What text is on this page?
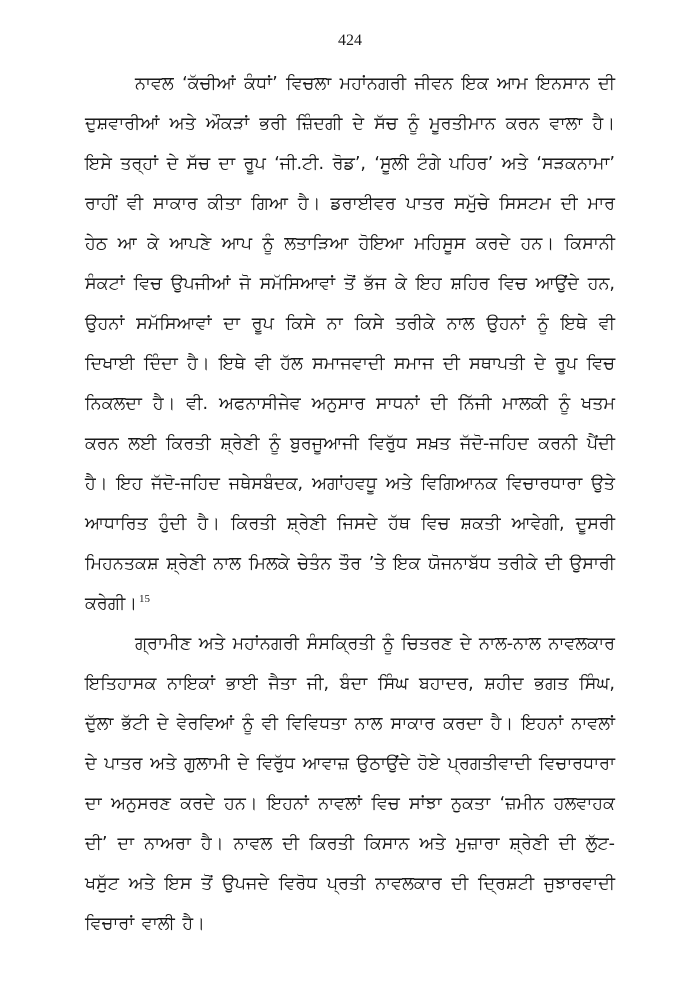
424

ਨਾਵਲ ‘ਕੱਚੀਆਂ ਕੰਧਾਂ’ ਵਿਚਲਾ ਮਹਾਂਨਗਰੀ ਜੀਵਨ ਇਕ ਆਮ ਇਨਸਾਨ ਦੀ ਦੁਸ਼ਵਾਰੀਆਂ ਅਤੇ ਔਕੜਾਂ ਭਰੀ ਜ਼ਿੰਦਗੀ ਦੇ ਸੱਚ ਨੂੰ ਮੂਰਤੀਮਾਨ ਕਰਨ ਵਾਲਾ ਹੈ। ਇਸੇ ਤਰ੍ਹਾਂ ਦੇ ਸੱਚ ਦਾ ਰੂਪ ‘ਜੀ.ਟੀ. ਰੋਡ’, ‘ਸੂਲੀ ਟੰਗੇ ਪਹਿਰ’ ਅਤੇ ‘ਸੜਕਨਾਮਾ’ ਰਾਹੀਂ ਵੀ ਸਾਕਾਰ ਕੀਤਾ ਗਿਆ ਹੈ। ਡਰਾਈਵਰ ਪਾਤਰ ਸਮੁੱਚੇ ਸਿਸਟਮ ਦੀ ਮਾਰ ਹੇਠ ਆ ਕੇ ਆਪਣੇ ਆਪ ਨੂੰ ਲਤਾੜਿਆ ਹੋਇਆ ਮਹਿਸੂਸ ਕਰਦੇ ਹਨ। ਕਿਸਾਨੀ ਸੰਕਟਾਂ ਵਿਚ ਉਪਜੀਆਂ ਜੋ ਸਮੱਸਿਆਵਾਂ ਤੋਂ ਭੱਜ ਕੇ ਇਹ ਸ਼ਹਿਰ ਵਿਚ ਆਉਂਦੇ ਹਨ, ਉਹਨਾਂ ਸਮੱਸਿਆਵਾਂ ਦਾ ਰੂਪ ਕਿਸੇ ਨਾ ਕਿਸੇ ਤਰੀਕੇ ਨਾਲ ਉਹਨਾਂ ਨੂੰ ਇਥੇ ਵੀ ਦਿਖਾਈ ਦਿੰਦਾ ਹੈ। ਇਥੇ ਵੀ ਹੱਲ ਸਮਾਜਵਾਦੀ ਸਮਾਜ ਦੀ ਸਥਾਪਤੀ ਦੇ ਰੂਪ ਵਿਚ ਨਿਕਲਦਾ ਹੈ। ਵੀ. ਅਫਨਾਸੀਜੇਵ ਅਨੁਸਾਰ ਸਾਧਨਾਂ ਦੀ ਨਿੱਜੀ ਮਾਲਕੀ ਨੂੰ ਖਤਮ ਕਰਨ ਲਈ ਕਿਰਤੀ ਸ਼੍ਰੇਣੀ ਨੂੰ ਬੁਰਜੂਆਜੀ ਵਿਰੁੱਧ ਸਖ਼ਤ ਜੱਦੋ-ਜਹਿਦ ਕਰਨੀ ਪੈਂਦੀ ਹੈ। ਇਹ ਜੱਦੋ-ਜਹਿਦ ਜਥੇਸਬੰਦਕ, ਅਗਾਂਹਵਧੂ ਅਤੇ ਵਿਗਿਆਨਕ ਵਿਚਾਰਧਾਰਾ ਉਤੇ ਆਧਾਰਿਤ ਹੁੰਦੀ ਹੈ। ਕਿਰਤੀ ਸ਼੍ਰੇਣੀ ਜਿਸਦੇ ਹੱਥ ਵਿਚ ਸ਼ਕਤੀ ਆਵੇਗੀ, ਦੂਸਰੀ ਮਿਹਨਤਕਸ਼ ਸ਼੍ਰੇਣੀ ਨਾਲ ਮਿਲਕੇ ਚੇਤੰਨ ਤੌਰ ’ਤੇ ਇਕ ਯੋਜਨਾਬੱਧ ਤਰੀਕੇ ਦੀ ਉਸਾਰੀ ਕਰੇਗੀ। $^{15}$

ਗ੍ਰਾਮੀਣ ਅਤੇ ਮਹਾਂਨਗਰੀ ਸੰਸਕ੍ਰਿਤੀ ਨੂੰ ਚਿਤਰਣ ਦੇ ਨਾਲ-ਨਾਲ ਨਾਵਲਕਾਰ ਇਤਿਹਾਸਕ ਨਾਇਕਾਂ ਭਾਈ ਜੈਤਾ ਜੀ, ਬੰਦਾ ਸਿੰਘ ਬਹਾਦਰ, ਸ਼ਹੀਦ ਭਗਤ ਸਿੰਘ, ਦੁੱਲਾ ਭੱਟੀ ਦੇ ਵੇਰਵਿਆਂ ਨੂੰ ਵੀ ਵਿਵਿਧਤਾ ਨਾਲ ਸਾਕਾਰ ਕਰਦਾ ਹੈ। ਇਹਨਾਂ ਨਾਵਲਾਂ ਦੇ ਪਾਤਰ ਅਤੇ ਗੁਲਾਮੀ ਦੇ ਵਿਰੁੱਧ ਆਵਾਜ਼ ਉਠਾਉਂਦੇ ਹੋਏ ਪ੍ਰਗਤੀਵਾਦੀ ਵਿਚਾਰਧਾਰਾ ਦਾ ਅਨੁਸਰਣ ਕਰਦੇ ਹਨ। ਇਹਨਾਂ ਨਾਵਲਾਂ ਵਿਚ ਸਾਂਝਾ ਨੁਕਤਾ ‘ਜ਼ਮੀਨ ਹਲਵਾਹਕ ਦੀ’ ਦਾ ਨਾਅਰਾ ਹੈ। ਨਾਵਲ ਦੀ ਕਿਰਤੀ ਕਿਸਾਨ ਅਤੇ ਮੁਜ਼ਾਰਾ ਸ਼੍ਰੇਣੀ ਦੀ ਲੁੱਟ-ਖਸੁੱਟ ਅਤੇ ਇਸ ਤੋਂ ਉਪਜਦੇ ਵਿਰੋਧ ਪ੍ਰਤੀ ਨਾਵਲਕਾਰ ਦੀ ਦ੍ਰਿਸ਼ਟੀ ਜੁਝਾਰਵਾਦੀ ਵਿਚਾਰਾਂ ਵਾਲੀ ਹੈ।
